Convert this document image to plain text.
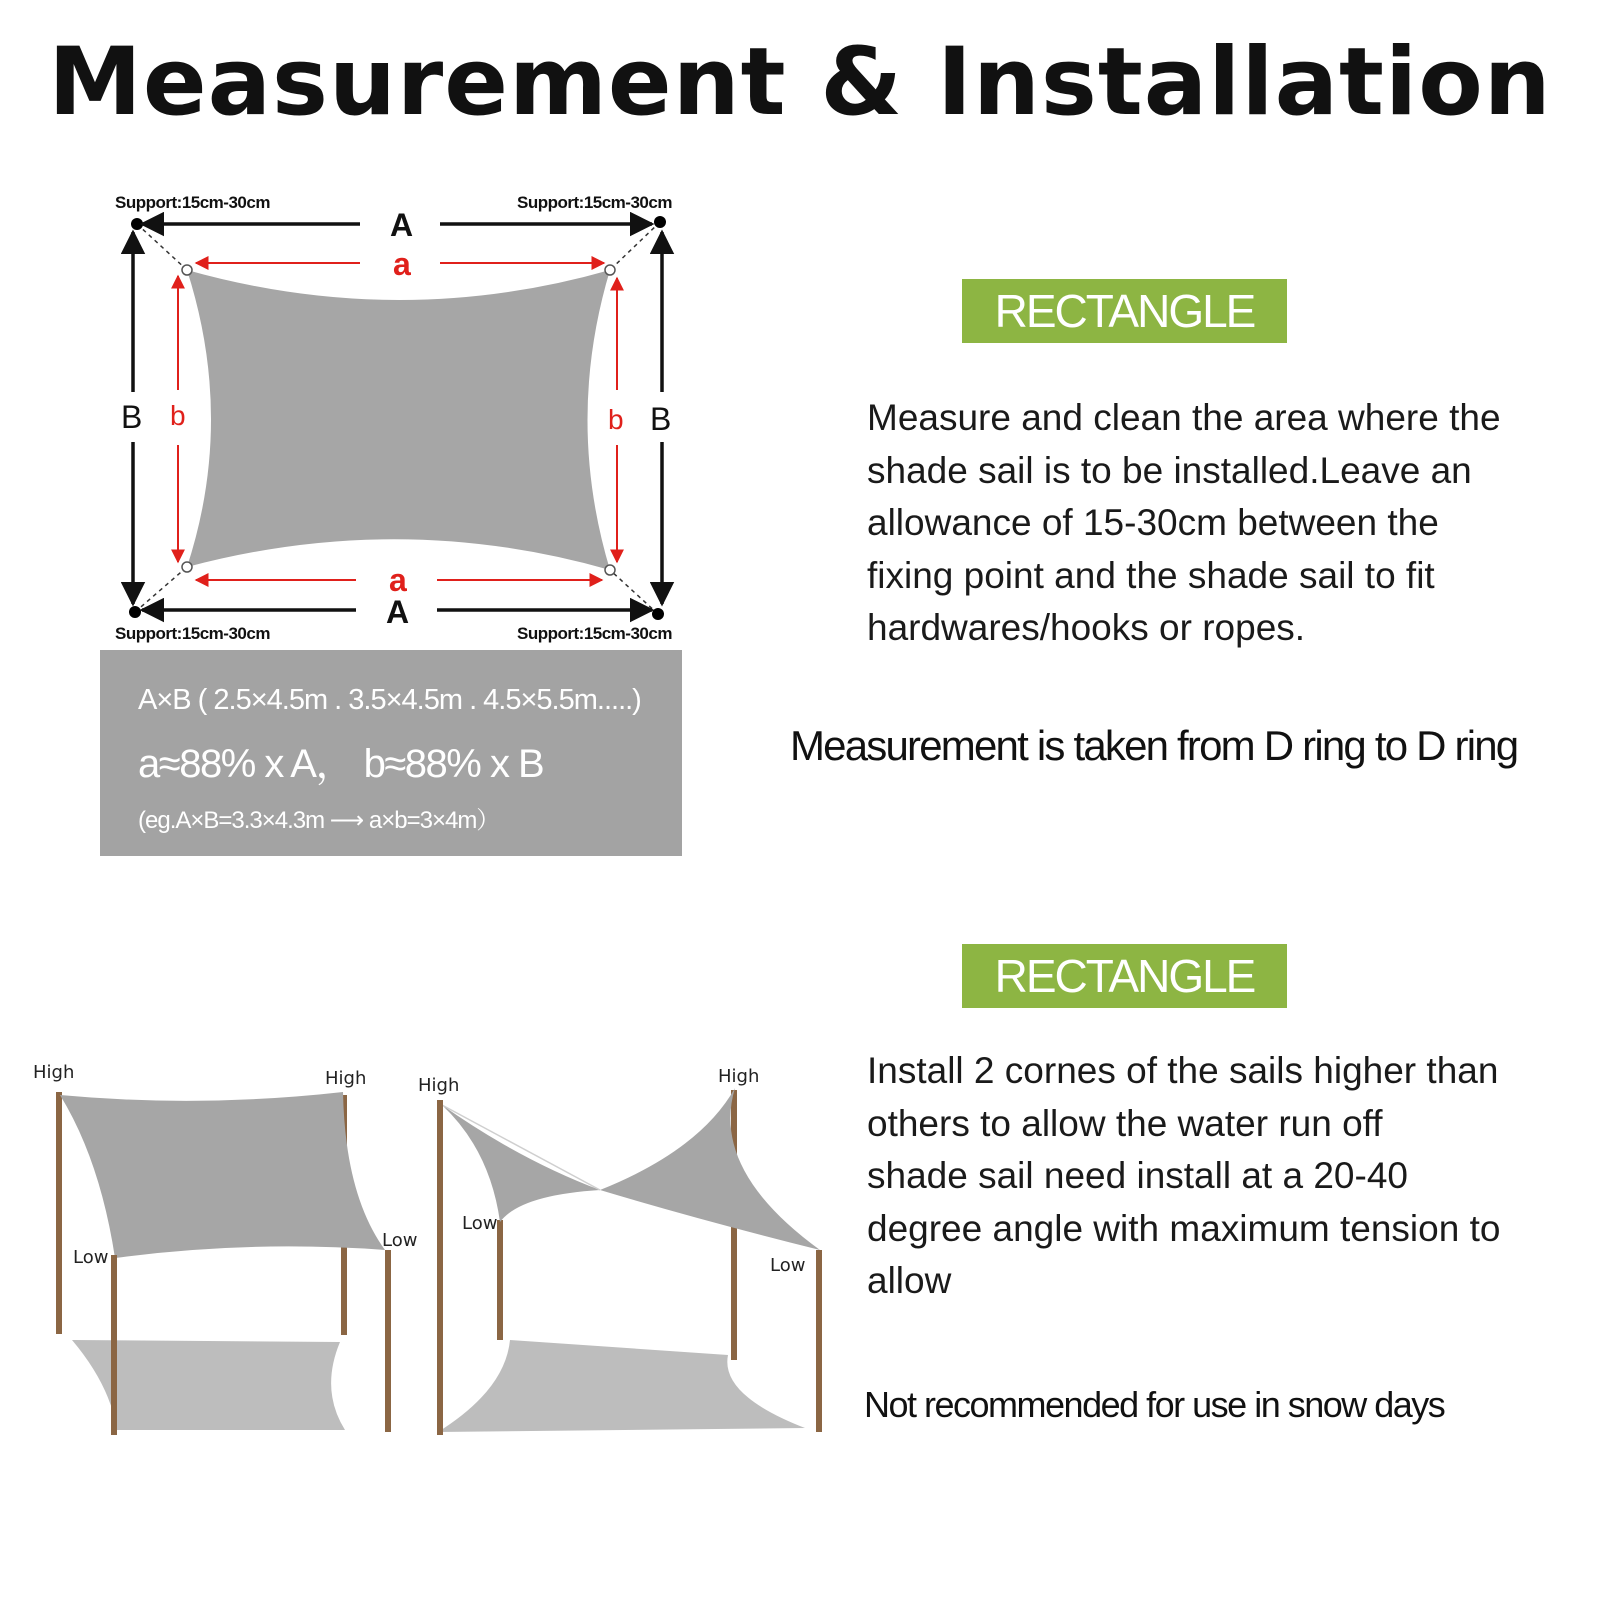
Measurement & Installation
Support:15cm-30cm	Support:15cm-30cm
Support:15cm-30cm	Support:15cm-30cm
A
a
a
A
B b	b B
A×B ( 2.5×4.5m . 3.5×4.5m . 4.5×5.5m.....)
a≈88% x A， b≈88% x B
(eg.A×B=3.3×4.3m ⟶ a×b=3×4m）
RECTANGLE
Measure and clean the area where the
shade sail is to be installed.Leave an
allowance of 15-30cm between the
fixing point and the shade sail to fit
hardwares/hooks or ropes.
Measurement is taken from D ring to D ring
RECTANGLE
Install 2 cornes of the sails higher than
others to allow the water run off
shade sail need install at a 20-40
degree angle with maximum tension to
allow
Not recommended for use in snow days
High	High
Low
Low
High	High
Low
Low
